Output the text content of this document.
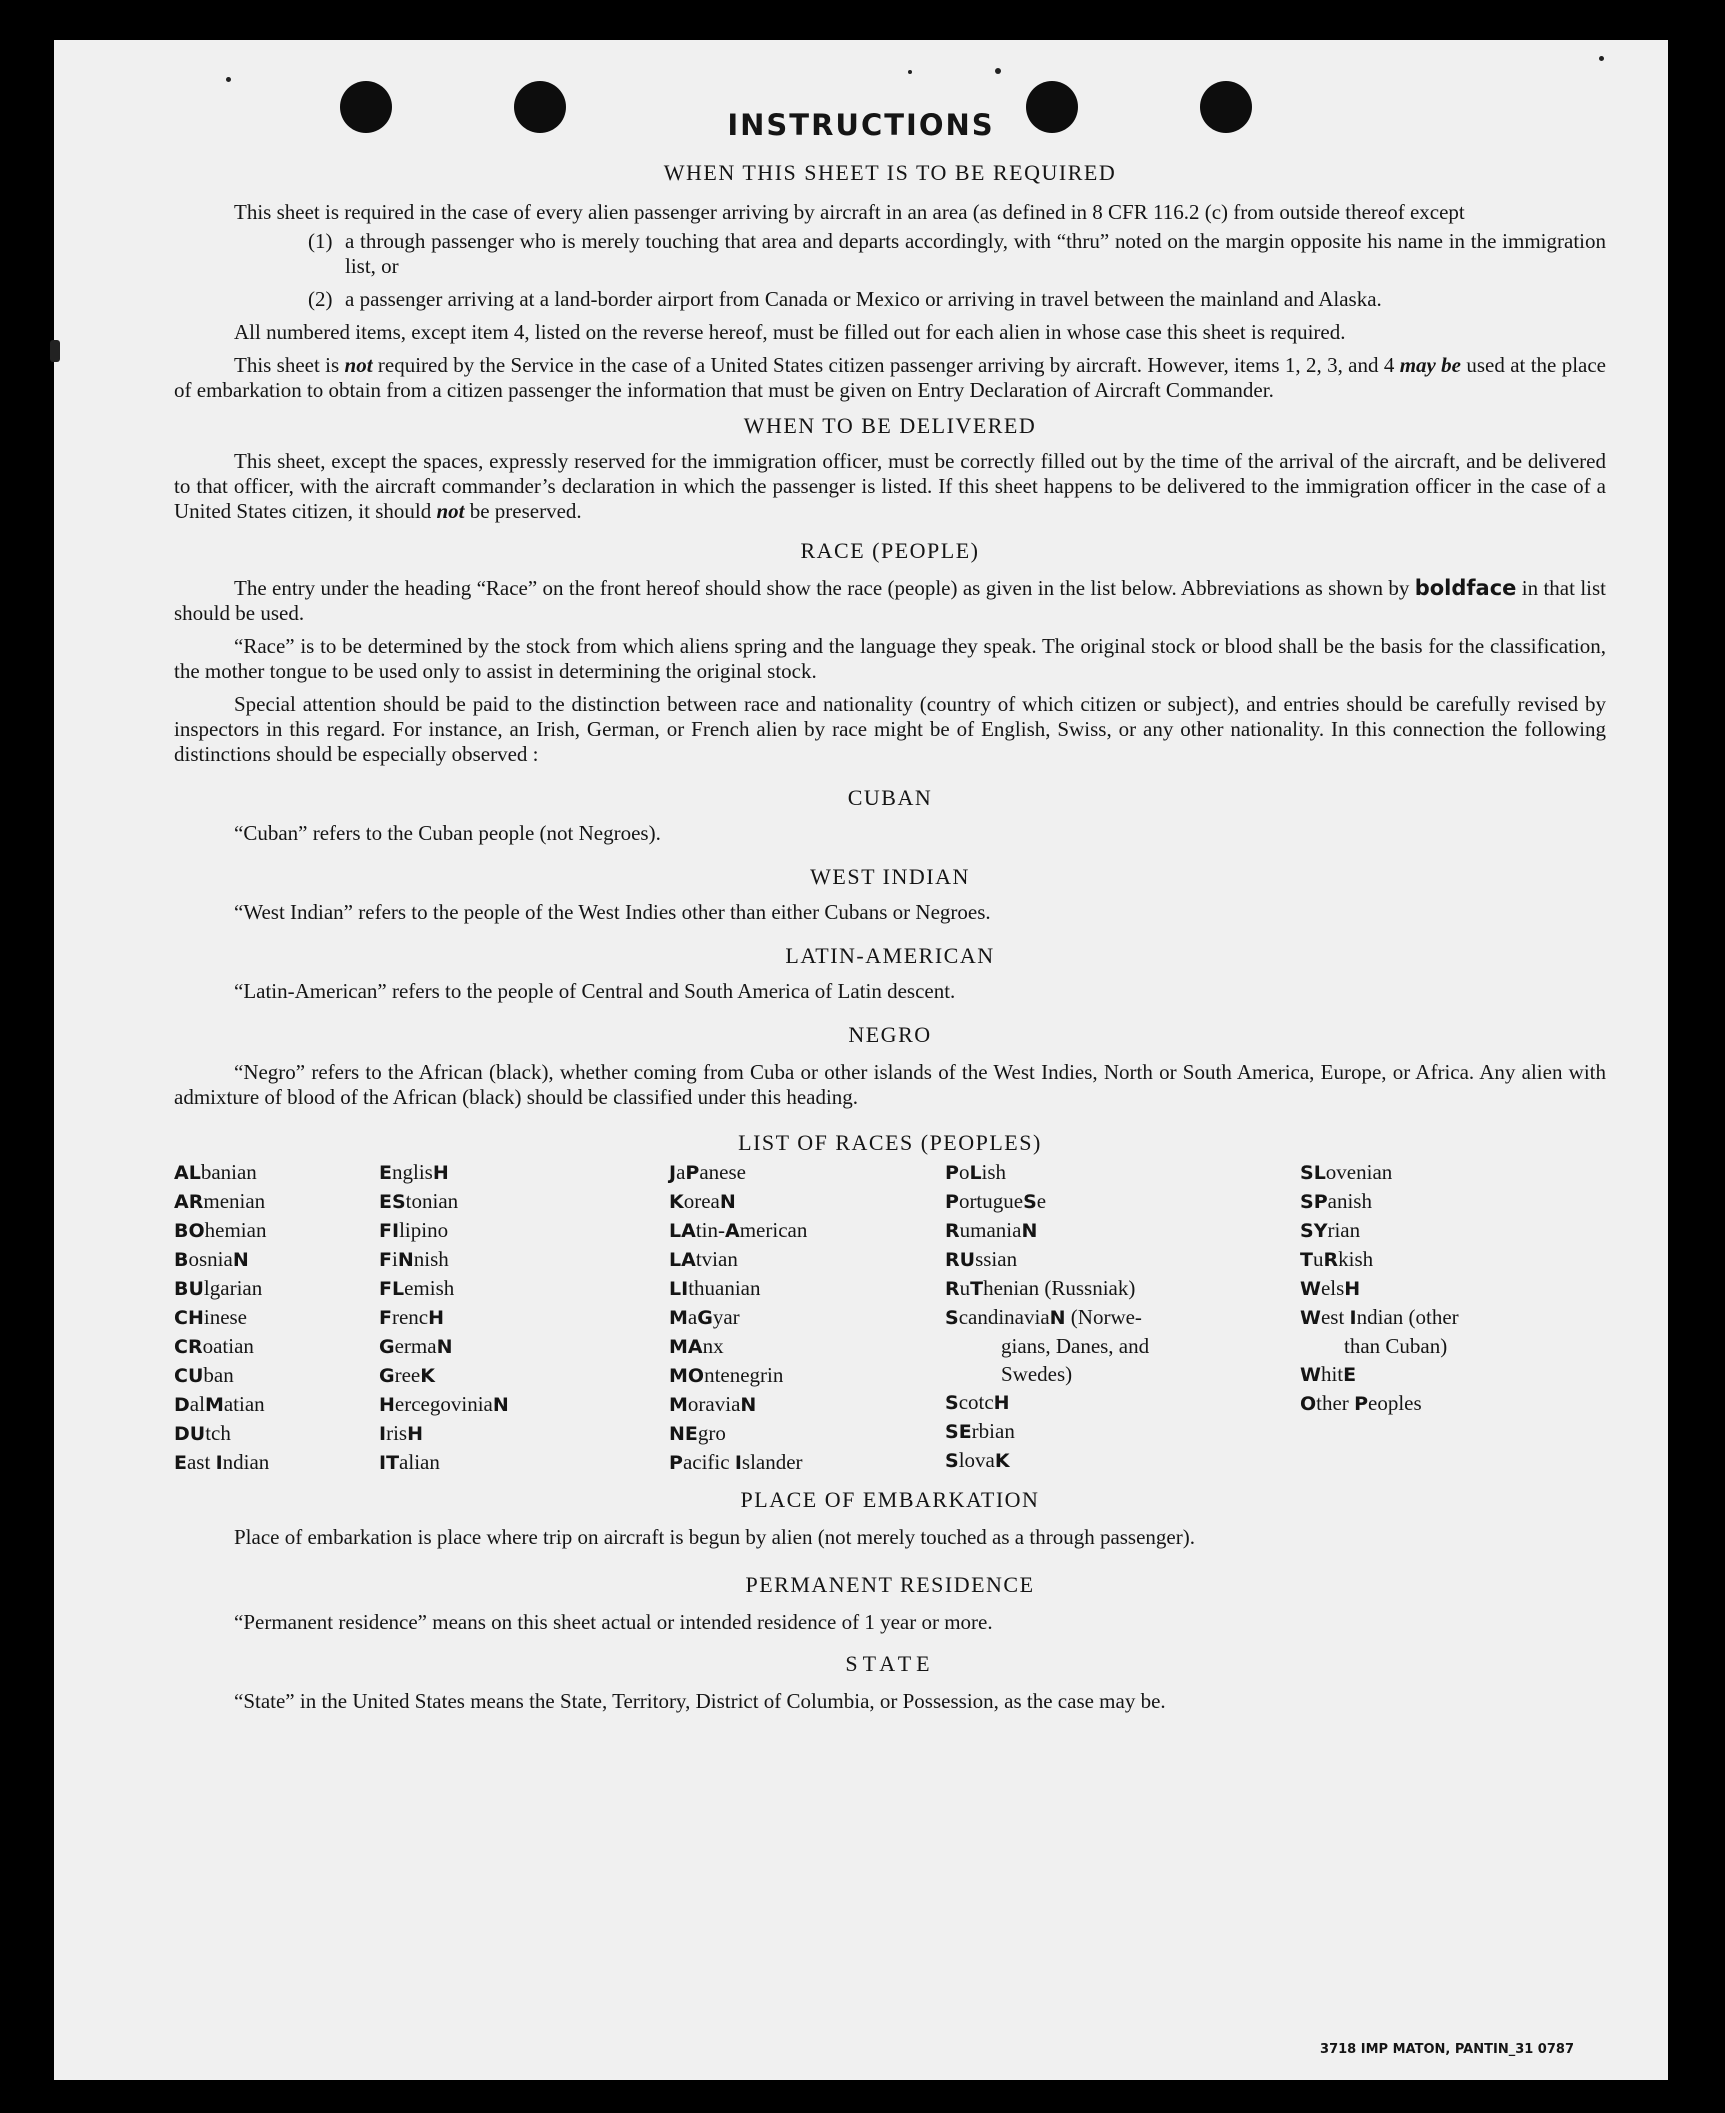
INSTRUCTIONS

WHEN THIS SHEET IS TO BE REQUIRED

This sheet is required in the case of every alien passenger arriving by aircraft in an area (as defined in 8 CFR 116.2 (c) from outside thereof except

(1) a through passenger who is merely touching that area and departs accordingly, with “thru” noted on the margin opposite his name in the immigration list, or
(2) a passenger arriving at a land-border airport from Canada or Mexico or arriving in travel between the mainland and Alaska.

All numbered items, except item 4, listed on the reverse hereof, must be filled out for each alien in whose case this sheet is required.

This sheet is not required by the Service in the case of a United States citizen passenger arriving by aircraft. However, items 1, 2, 3, and 4 may be used at the place of embarkation to obtain from a citizen passenger the information that must be given on Entry Declaration of Aircraft Commander.

WHEN TO BE DELIVERED

This sheet, except the spaces, expressly reserved for the immigration officer, must be correctly filled out by the time of the arrival of the aircraft, and be delivered to that officer, with the aircraft commander’s declaration in which the passenger is listed. If this sheet happens to be delivered to the immigration officer in the case of a United States citizen, it should not be preserved.

RACE (PEOPLE)

The entry under the heading “Race” on the front hereof should show the race (people) as given in the list below. Abbreviations as shown by boldface in that list should be used.

“Race” is to be determined by the stock from which aliens spring and the language they speak. The original stock or blood shall be the basis for the classification, the mother tongue to be used only to assist in determining the original stock.

Special attention should be paid to the distinction between race and nationality (country of which citizen or subject), and entries should be carefully revised by inspectors in this regard. For instance, an Irish, German, or French alien by race might be of English, Swiss, or any other nationality. In this connection the following distinctions should be especially observed :

CUBAN

“Cuban” refers to the Cuban people (not Negroes).

WEST INDIAN

“West Indian” refers to the people of the West Indies other than either Cubans or Negroes.

LATIN-AMERICAN

“Latin-American” refers to the people of Central and South America of Latin descent.

NEGRO

“Negro” refers to the African (black), whether coming from Cuba or other islands of the West Indies, North or South America, Europe, or Africa. Any alien with admixture of blood of the African (black) should be classified under this heading.

LIST OF RACES (PEOPLES)

ALbanian
ARmenian
BOhemian
BosniaN
BUlgarian
CHinese
CRoatian
CUban
DalMatian
DUtch
East Indian
EnglisH
EStonian
FIlipino
FiNnish
FLemish
FrencH
GermaN
GreeK
HercegoviniaN
IrisH
ITalian
JaPanese
KoreaN
LAtin-American
LAtvian
LIthuanian
MaGyar
MAnx
MOntenegrin
MoraviaN
NEgro
Pacific Islander
PoLish
PortugueSe
RumaniaN
RUssian
RuThenian (Russniak)
ScandinaviaN (Norwe-
gians, Danes, and
Swedes)
ScotcH
SErbian
SlovaK
SLovenian
SPanish
SYrian
TuRkish
WelsH
West Indian (other
than Cuban)
WhitE
Other Peoples

PLACE OF EMBARKATION

Place of embarkation is place where trip on aircraft is begun by alien (not merely touched as a through passenger).

PERMANENT RESIDENCE

“Permanent residence” means on this sheet actual or intended residence of 1 year or more.

STATE

“State” in the United States means the State, Territory, District of Columbia, or Possession, as the case may be.

3718 IMP MATON, PANTIN_31 0787
